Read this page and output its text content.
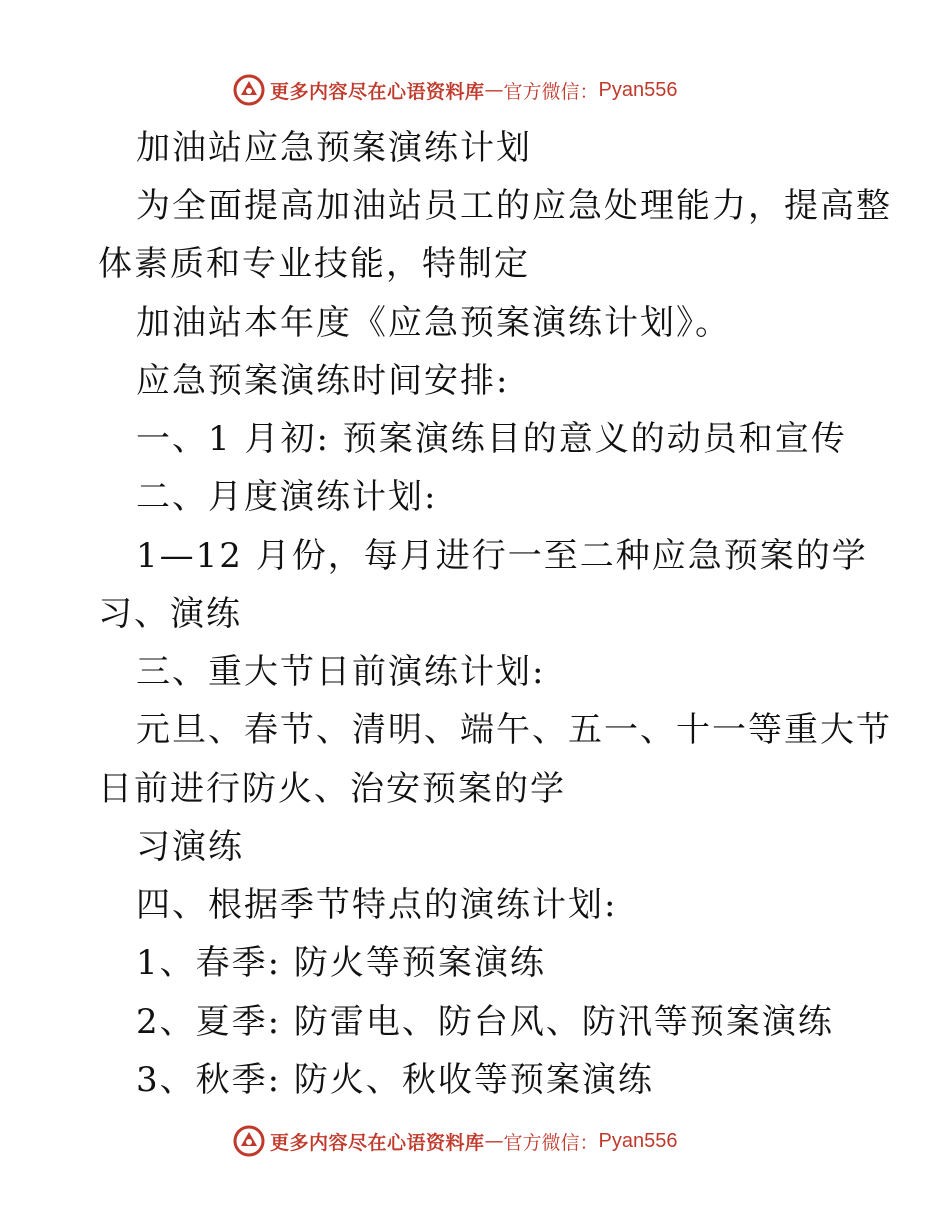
更多内容尽在心语资料库 — 官方微信： Pyan556
加油站应急预案演练计划
为全面提高加油站员工的应急处理能力，提高整
体素质和专业技能，特制定
加油站本年度《应急预案演练计划》。
应急预案演练时间安排:
一、1 月初: 预案演练目的意义的动员和宣传
二、月度演练计划:
1—12 月份，每月进行一至二种应急预案的学
习、演练
三、重大节日前演练计划:
元旦、春节、清明、端午、五一、十一等重大节
日前进行防火、治安预案的学
习演练
四、根据季节特点的演练计划:
1、春季: 防火等预案演练
2、夏季: 防雷电、防台风、防汛等预案演练
3、秋季: 防火、秋收等预案演练
更多内容尽在心语资料库 — 官方微信： Pyan556
